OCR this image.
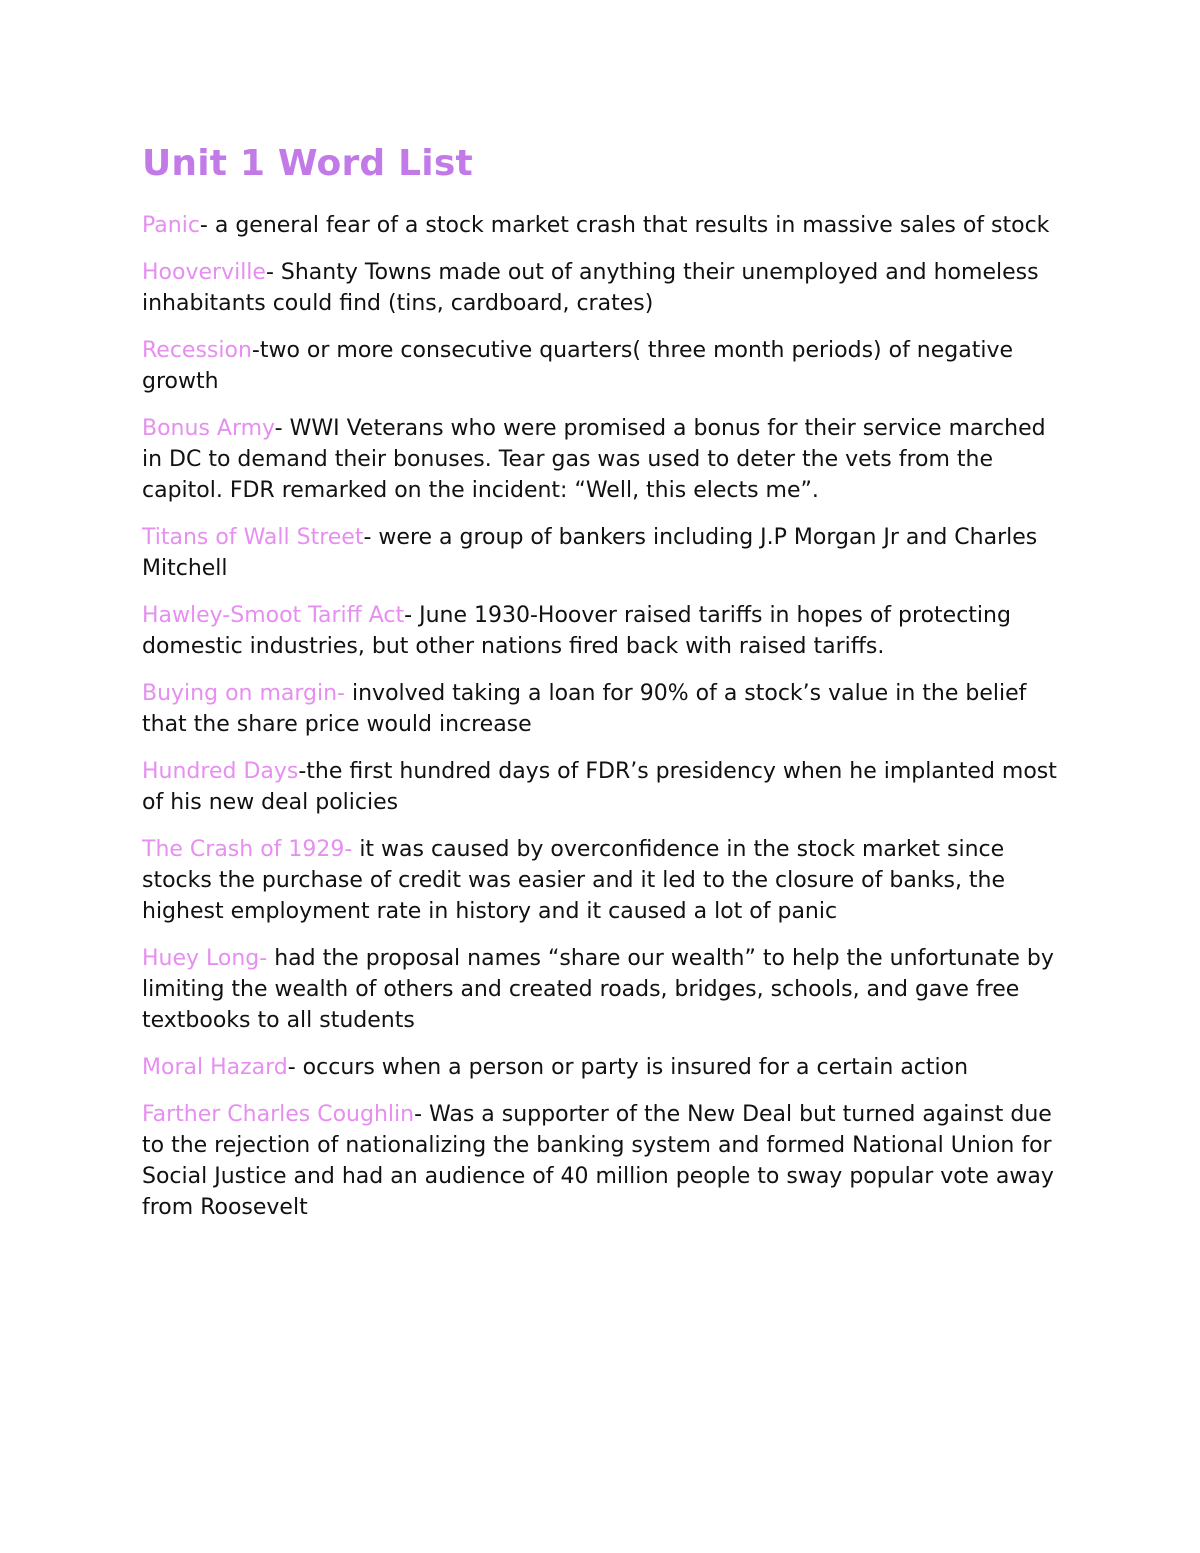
Unit 1 Word List

Panic- a general fear of a stock market crash that results in massive sales of stock

Hooverville- Shanty Towns made out of anything their unemployed and homeless inhabitants could find (tins, cardboard, crates)

Recession-two or more consecutive quarters( three month periods) of negative growth

Bonus Army- WWI Veterans who were promised a bonus for their service marched in DC to demand their bonuses. Tear gas was used to deter the vets from the capitol. FDR remarked on the incident: “Well, this elects me”.

Titans of Wall Street- were a group of bankers including J.P Morgan Jr and Charles Mitchell

Hawley-Smoot Tariff Act- June 1930-Hoover raised tariffs in hopes of protecting domestic industries, but other nations fired back with raised tariffs.

Buying on margin- involved taking a loan for 90% of a stock’s value in the belief that the share price would increase

Hundred Days-the first hundred days of FDR’s presidency when he implanted most of his new deal policies

The Crash of 1929- it was caused by overconfidence in the stock market since stocks the purchase of credit was easier and it led to the closure of banks, the highest employment rate in history and it caused a lot of panic

Huey Long- had the proposal names “share our wealth” to help the unfortunate by limiting the wealth of others and created roads, bridges, schools, and gave free textbooks to all students

Moral Hazard- occurs when a person or party is insured for a certain action

Farther Charles Coughlin- Was a supporter of the New Deal but turned against due to the rejection of nationalizing the banking system and formed National Union for Social Justice and had an audience of 40 million people to sway popular vote away from Roosevelt
